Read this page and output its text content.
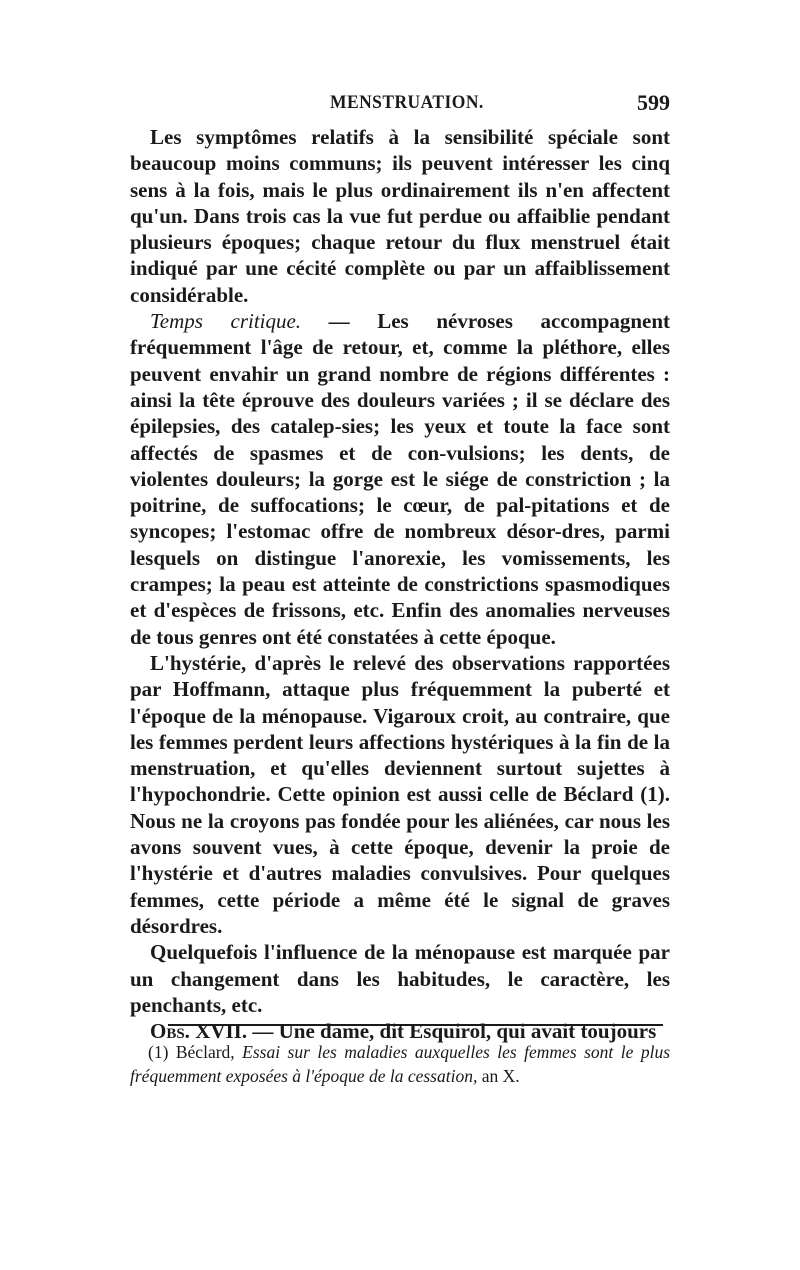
MENSTRUATION.	599

Les symptômes relatifs à la sensibilité spéciale sont beaucoup moins communs; ils peuvent intéresser les cinq sens à la fois, mais le plus ordinairement ils n'en affectent qu'un. Dans trois cas la vue fut perdue ou affaiblie pendant plusieurs époques; chaque retour du flux menstruel était indiqué par une cécité complète ou par un affaiblissement considérable.

Temps critique. — Les névroses accompagnent fréquemment l'âge de retour, et, comme la pléthore, elles peuvent envahir un grand nombre de régions différentes : ainsi la tête éprouve des douleurs variées ; il se déclare des épilepsies, des catalep-sies; les yeux et toute la face sont affectés de spasmes et de con-vulsions; les dents, de violentes douleurs; la gorge est le siége de constriction ; la poitrine, de suffocations; le cœur, de pal-pitations et de syncopes; l'estomac offre de nombreux désor-dres, parmi lesquels on distingue l'anorexie, les vomissements, les crampes; la peau est atteinte de constrictions spasmodiques et d'espèces de frissons, etc. Enfin des anomalies nerveuses de tous genres ont été constatées à cette époque.

L'hystérie, d'après le relevé des observations rapportées par Hoffmann, attaque plus fréquemment la puberté et l'époque de la ménopause. Vigaroux croit, au contraire, que les femmes perdent leurs affections hystériques à la fin de la menstruation, et qu'elles deviennent surtout sujettes à l'hypochondrie. Cette opinion est aussi celle de Béclard (1). Nous ne la croyons pas fondée pour les aliénées, car nous les avons souvent vues, à cette époque, devenir la proie de l'hystérie et d'autres maladies convulsives. Pour quelques femmes, cette période a même été le signal de graves désordres.

Quelquefois l'influence de la ménopause est marquée par un changement dans les habitudes, le caractère, les penchants, etc.

Obs. XVII. — Une dame, dit Esquirol, qui avait toujours

(1) Béclard, Essai sur les maladies auxquelles les femmes sont le plus fréquemment exposées à l'époque de la cessation, an X.
